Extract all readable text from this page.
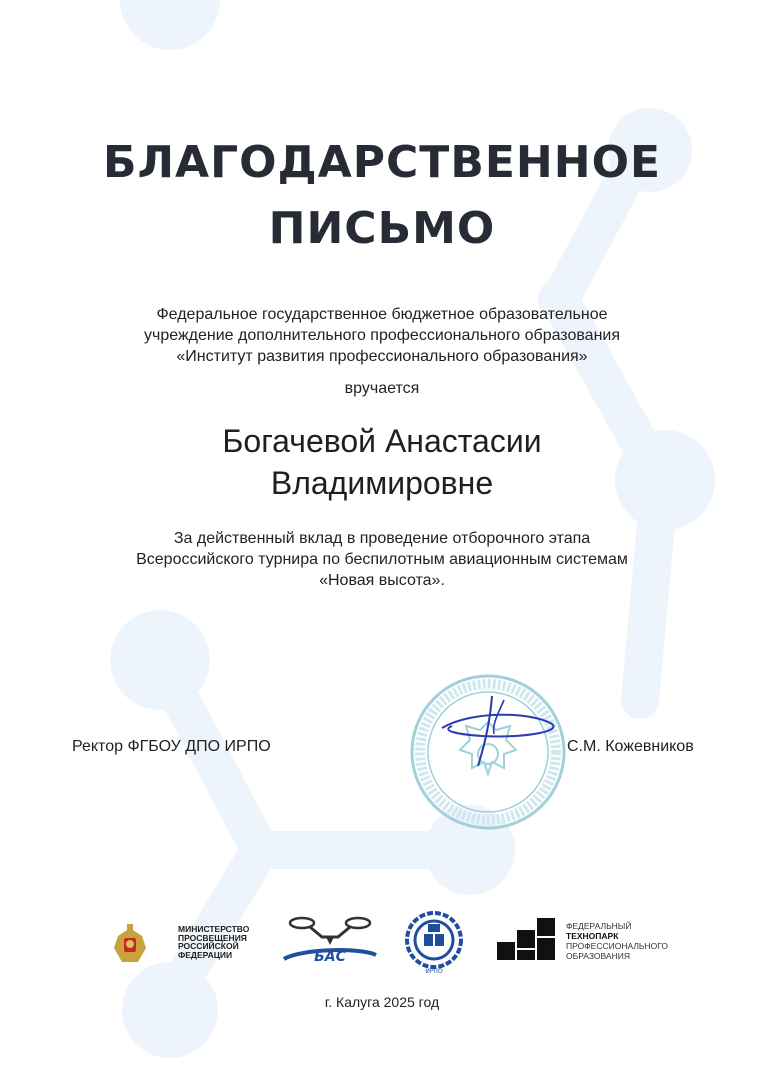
БЛАГОДАРСТВЕННОЕ
ПИСЬМО
Федеральное государственное бюджетное образовательное
учреждение дополнительного профессионального образования
«Институт развития профессионального образования»
вручается
Богачевой Анастасии
Владимировне
За действенный вклад в проведение отборочного этапа
Всероссийского турнира по беспилотным авиационным системам
«Новая высота».
Ректор ФГБОУ ДПО ИРПО	С.М. Кожевников
МИНИСТЕРСТВО
ПРОСВЕЩЕНИЯ
РОССИЙСКОЙ
ФЕДЕРАЦИИ	БАС
ИРПО
ФЕДЕРАЛЬНЫЙ
ТЕХНОПАРК
ПРОФЕССИОНАЛЬНОГО
ОБРАЗОВАНИЯ
г. Калуга 2025 год
